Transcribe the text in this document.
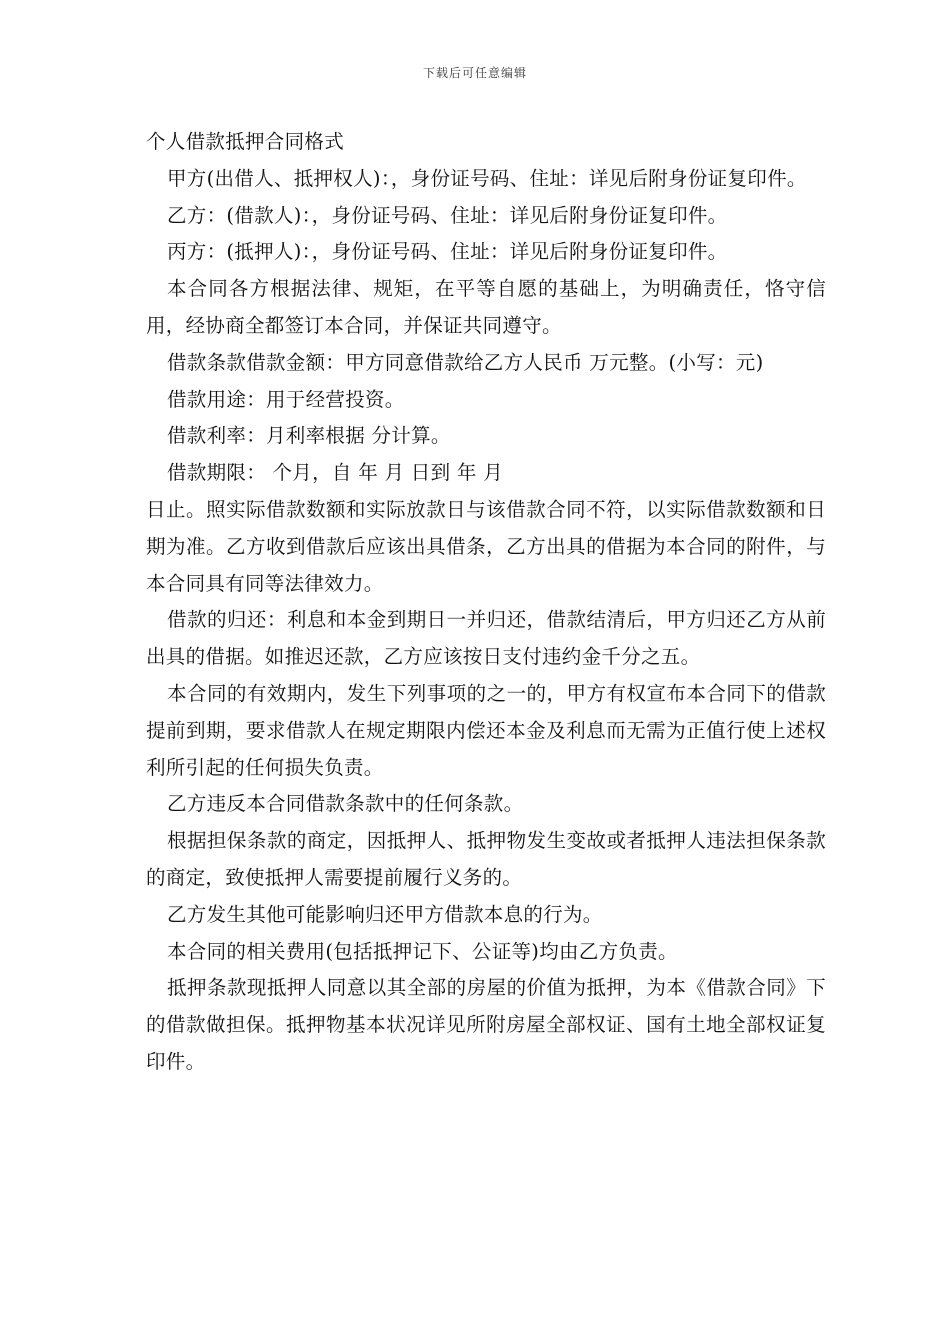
下载后可任意编辑
个人借款抵押合同格式

甲方(出借人、抵押权人)：，身份证号码、住址：详见后附身份证复印件。

乙方：(借款人)：，身份证号码、住址：详见后附身份证复印件。

丙方：(抵押人)：，身份证号码、住址：详见后附身份证复印件。

本合同各方根据法律、规矩，在平等自愿的基础上，为明确责任，恪守信用，经协商全都签订本合同，并保证共同遵守。

借款条款借款金额：甲方同意借款给乙方人民币 万元整。(小写：元)

借款用途：用于经营投资。

借款利率：月利率根据 分计算。

借款期限： 个月，自 年 月 日到 年 月

日止。照实际借款数额和实际放款日与该借款合同不符，以实际借款数额和日期为准。乙方收到借款后应该出具借条，乙方出具的借据为本合同的附件，与本合同具有同等法律效力。

借款的归还：利息和本金到期日一并归还，借款结清后，甲方归还乙方从前出具的借据。如推迟还款，乙方应该按日支付违约金千分之五。

本合同的有效期内，发生下列事项的之一的，甲方有权宣布本合同下的借款提前到期，要求借款人在规定期限内偿还本金及利息而无需为正值行使上述权利所引起的任何损失负责。

乙方违反本合同借款条款中的任何条款。

根据担保条款的商定，因抵押人、抵押物发生变故或者抵押人违法担保条款的商定，致使抵押人需要提前履行义务的。

乙方发生其他可能影响归还甲方借款本息的行为。

本合同的相关费用(包括抵押记下、公证等)均由乙方负责。

抵押条款现抵押人同意以其全部的房屋的价值为抵押，为本《借款合同》下的借款做担保。抵押物基本状况详见所附房屋全部权证、国有土地全部权证复印件。
